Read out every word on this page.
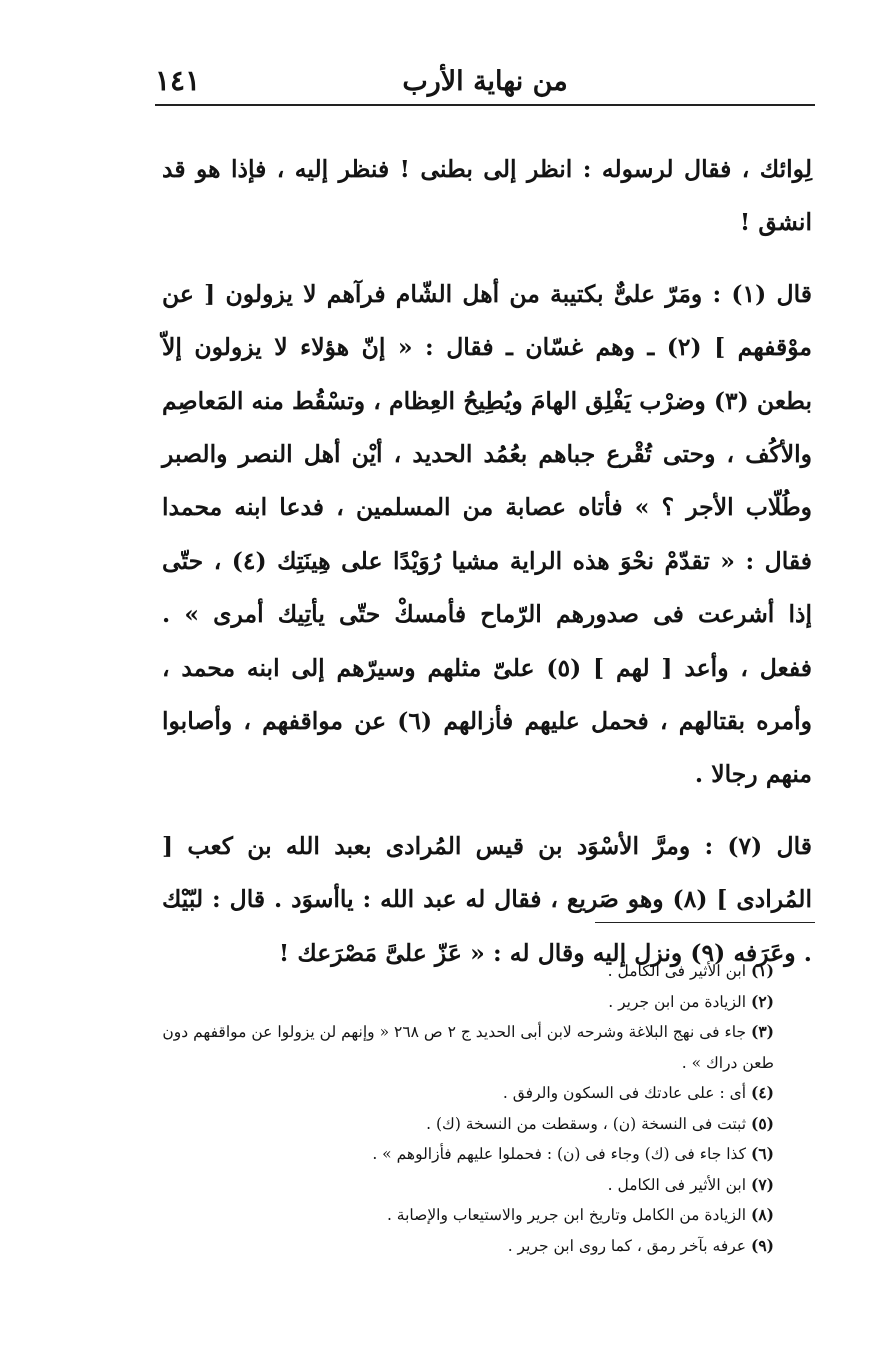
من نهاية الأرب
١٤١

لِوائك ، فقال لرسوله : انظر إلى بطنى ! فنظر إليه ، فإذا هو قد انشق !

قال (١) : ومَرّ علىٌّ بكتيبة من أهل الشّام فرآهم لا يزولون [ عن موْقفهم ] (٢) ـ وهم غسّان ـ فقال : « إنّ هؤلاء لا يزولون إلاّ بطعن (٣) وضرْب يَفْلِق الهامَ ويُطِيحُ العِظام ، وتسْقُط منه المَعاصِم والأكُف ، وحتى تُقْرع جباهم بعُمُد الحديد ، أيْن أهل النصر والصبر وطُلّاب الأجر ؟ » فأتاه عصابة من المسلمين ، فدعا ابنه محمدا فقال : « تقدّمْ نحْوَ هذه الراية مشيا رُوَيْدًا على هِينَتِك (٤) ، حتّى إذا أشرعت فى صدورهم الرّماح فأمسكْ حتّى يأتِيك أمرى » . ففعل ، وأعد [ لهم ] (٥) علىّ مثلهم وسيرّهم إلى ابنه محمد ، وأمره بقتالهم ، فحمل عليهم فأزالهم (٦) عن مواقفهم ، وأصابوا منهم رجالا .

قال (٧) : ومرَّ الأسْوَد بن قيس المُرادى بعبد الله بن كعب [ المُرادى ] (٨) وهو صَريع ، فقال له عبد الله : ياأسوَد . قال : لبّيْك . وعَرَفه (٩) ونزل إليه وقال له : « عَزّ علىَّ مَصْرَعك !

(١) ابن الأثير فى الكامل .
(٢) الزيادة من ابن جرير .
(٣) جاء فى نهج البلاغة وشرحه لابن أبى الحديد ج ٢ ص ٢٦٨ « وإنهم لن يزولوا عن مواقفهم دون طعن دراك » .
(٤) أى : على عادتك فى السكون والرفق .
(٥) ثبتت فى النسخة (ن) ، وسقطت من النسخة (ك) .
(٦) كذا جاء فى (ك) وجاء فى (ن) : فحملوا عليهم فأزالوهم » .
(٧) ابن الأثير فى الكامل .
(٨) الزيادة من الكامل وتاريخ ابن جرير والاستيعاب والإصابة .
(٩) عرفه بآخر رمق ، كما روى ابن جرير .
